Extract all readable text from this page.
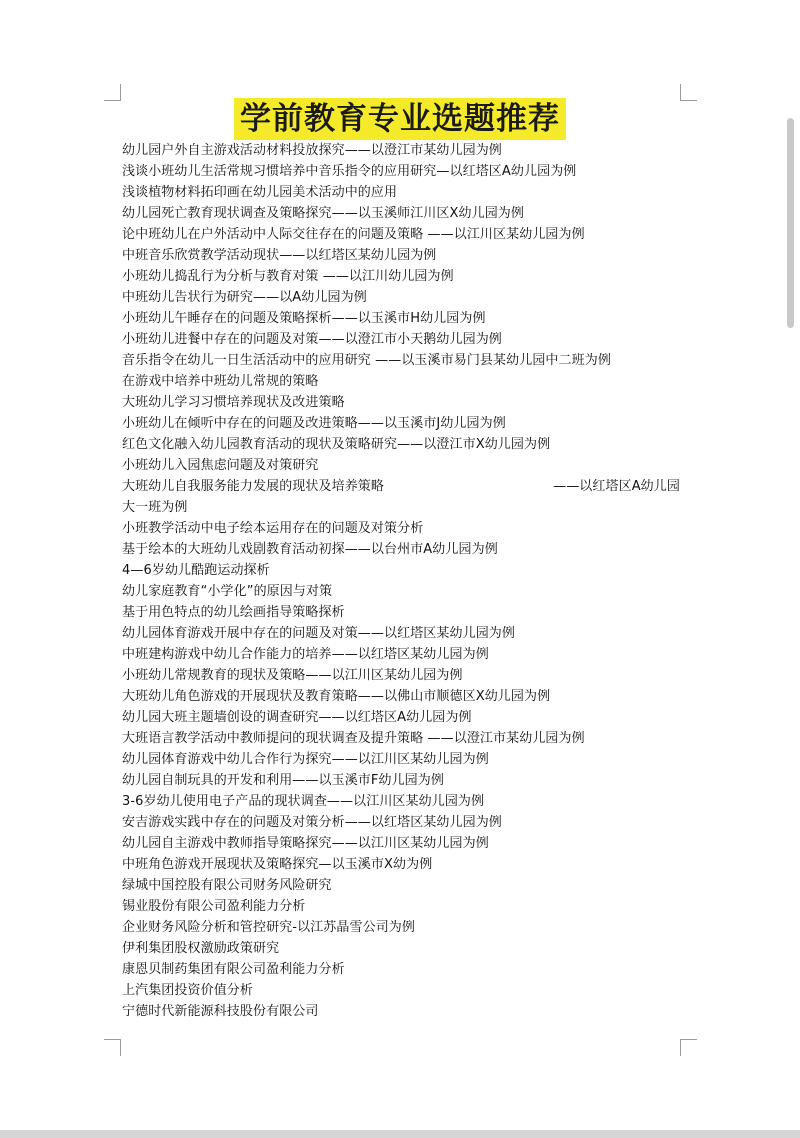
学前教育专业选题推荐
幼儿园户外自主游戏活动材料投放探究——以澄江市某幼儿园为例
浅谈小班幼儿生活常规习惯培养中音乐指令的应用研究—以红塔区A幼儿园为例
浅谈植物材料拓印画在幼儿园美术活动中的应用
幼儿园死亡教育现状调查及策略探究——以玉溪师江川区X幼儿园为例
论中班幼儿在户外活动中人际交往存在的问题及策略 ——以江川区某幼儿园为例
中班音乐欣赏教学活动现状——以红塔区某幼儿园为例
小班幼儿捣乱行为分析与教育对策 ——以江川幼儿园为例
中班幼儿告状行为研究——以A幼儿园为例
小班幼儿午睡存在的问题及策略探析——以玉溪市H幼儿园为例
小班幼儿进餐中存在的问题及对策——以澄江市小天鹅幼儿园为例
音乐指令在幼儿一日生活活动中的应用研究 ——以玉溪市易门县某幼儿园中二班为例
在游戏中培养中班幼儿常规的策略
大班幼儿学习习惯培养现状及改进策略
小班幼儿在倾听中存在的问题及改进策略——以玉溪市J幼儿园为例
红色文化融入幼儿园教育活动的现状及策略研究——以澄江市X幼儿园为例
小班幼儿入园焦虑问题及对策研究
大班幼儿自我服务能力发展的现状及培养策略	——以红塔区A幼儿园
大一班为例
小班教学活动中电子绘本运用存在的问题及对策分析
基于绘本的大班幼儿戏剧教育活动初探——以台州市A幼儿园为例
4—6岁幼儿酷跑运动探析
幼儿家庭教育“小学化”的原因与对策
基于用色特点的幼儿绘画指导策略探析
幼儿园体育游戏开展中存在的问题及对策——以红塔区某幼儿园为例
中班建构游戏中幼儿合作能力的培养——以红塔区某幼儿园为例
小班幼儿常规教育的现状及策略——以江川区某幼儿园为例
大班幼儿角色游戏的开展现状及教育策略——以佛山市顺德区X幼儿园为例
幼儿园大班主题墙创设的调查研究——以红塔区A幼儿园为例
大班语言教学活动中教师提问的现状调查及提升策略 ——以澄江市某幼儿园为例
幼儿园体育游戏中幼儿合作行为探究——以江川区某幼儿园为例
幼儿园自制玩具的开发和利用——以玉溪市F幼儿园为例
3-6岁幼儿使用电子产品的现状调查——以江川区某幼儿园为例
安吉游戏实践中存在的问题及对策分析——以红塔区某幼儿园为例
幼儿园自主游戏中教师指导策略探究——以江川区某幼儿园为例
中班角色游戏开展现状及策略探究—以玉溪市X幼为例
绿城中国控股有限公司财务风险研究
锡业股份有限公司盈利能力分析
企业财务风险分析和管控研究-以江苏晶雪公司为例
伊利集团股权激励政策研究
康恩贝制药集团有限公司盈利能力分析
上汽集团投资价值分析
宁德时代新能源科技股份有限公司
